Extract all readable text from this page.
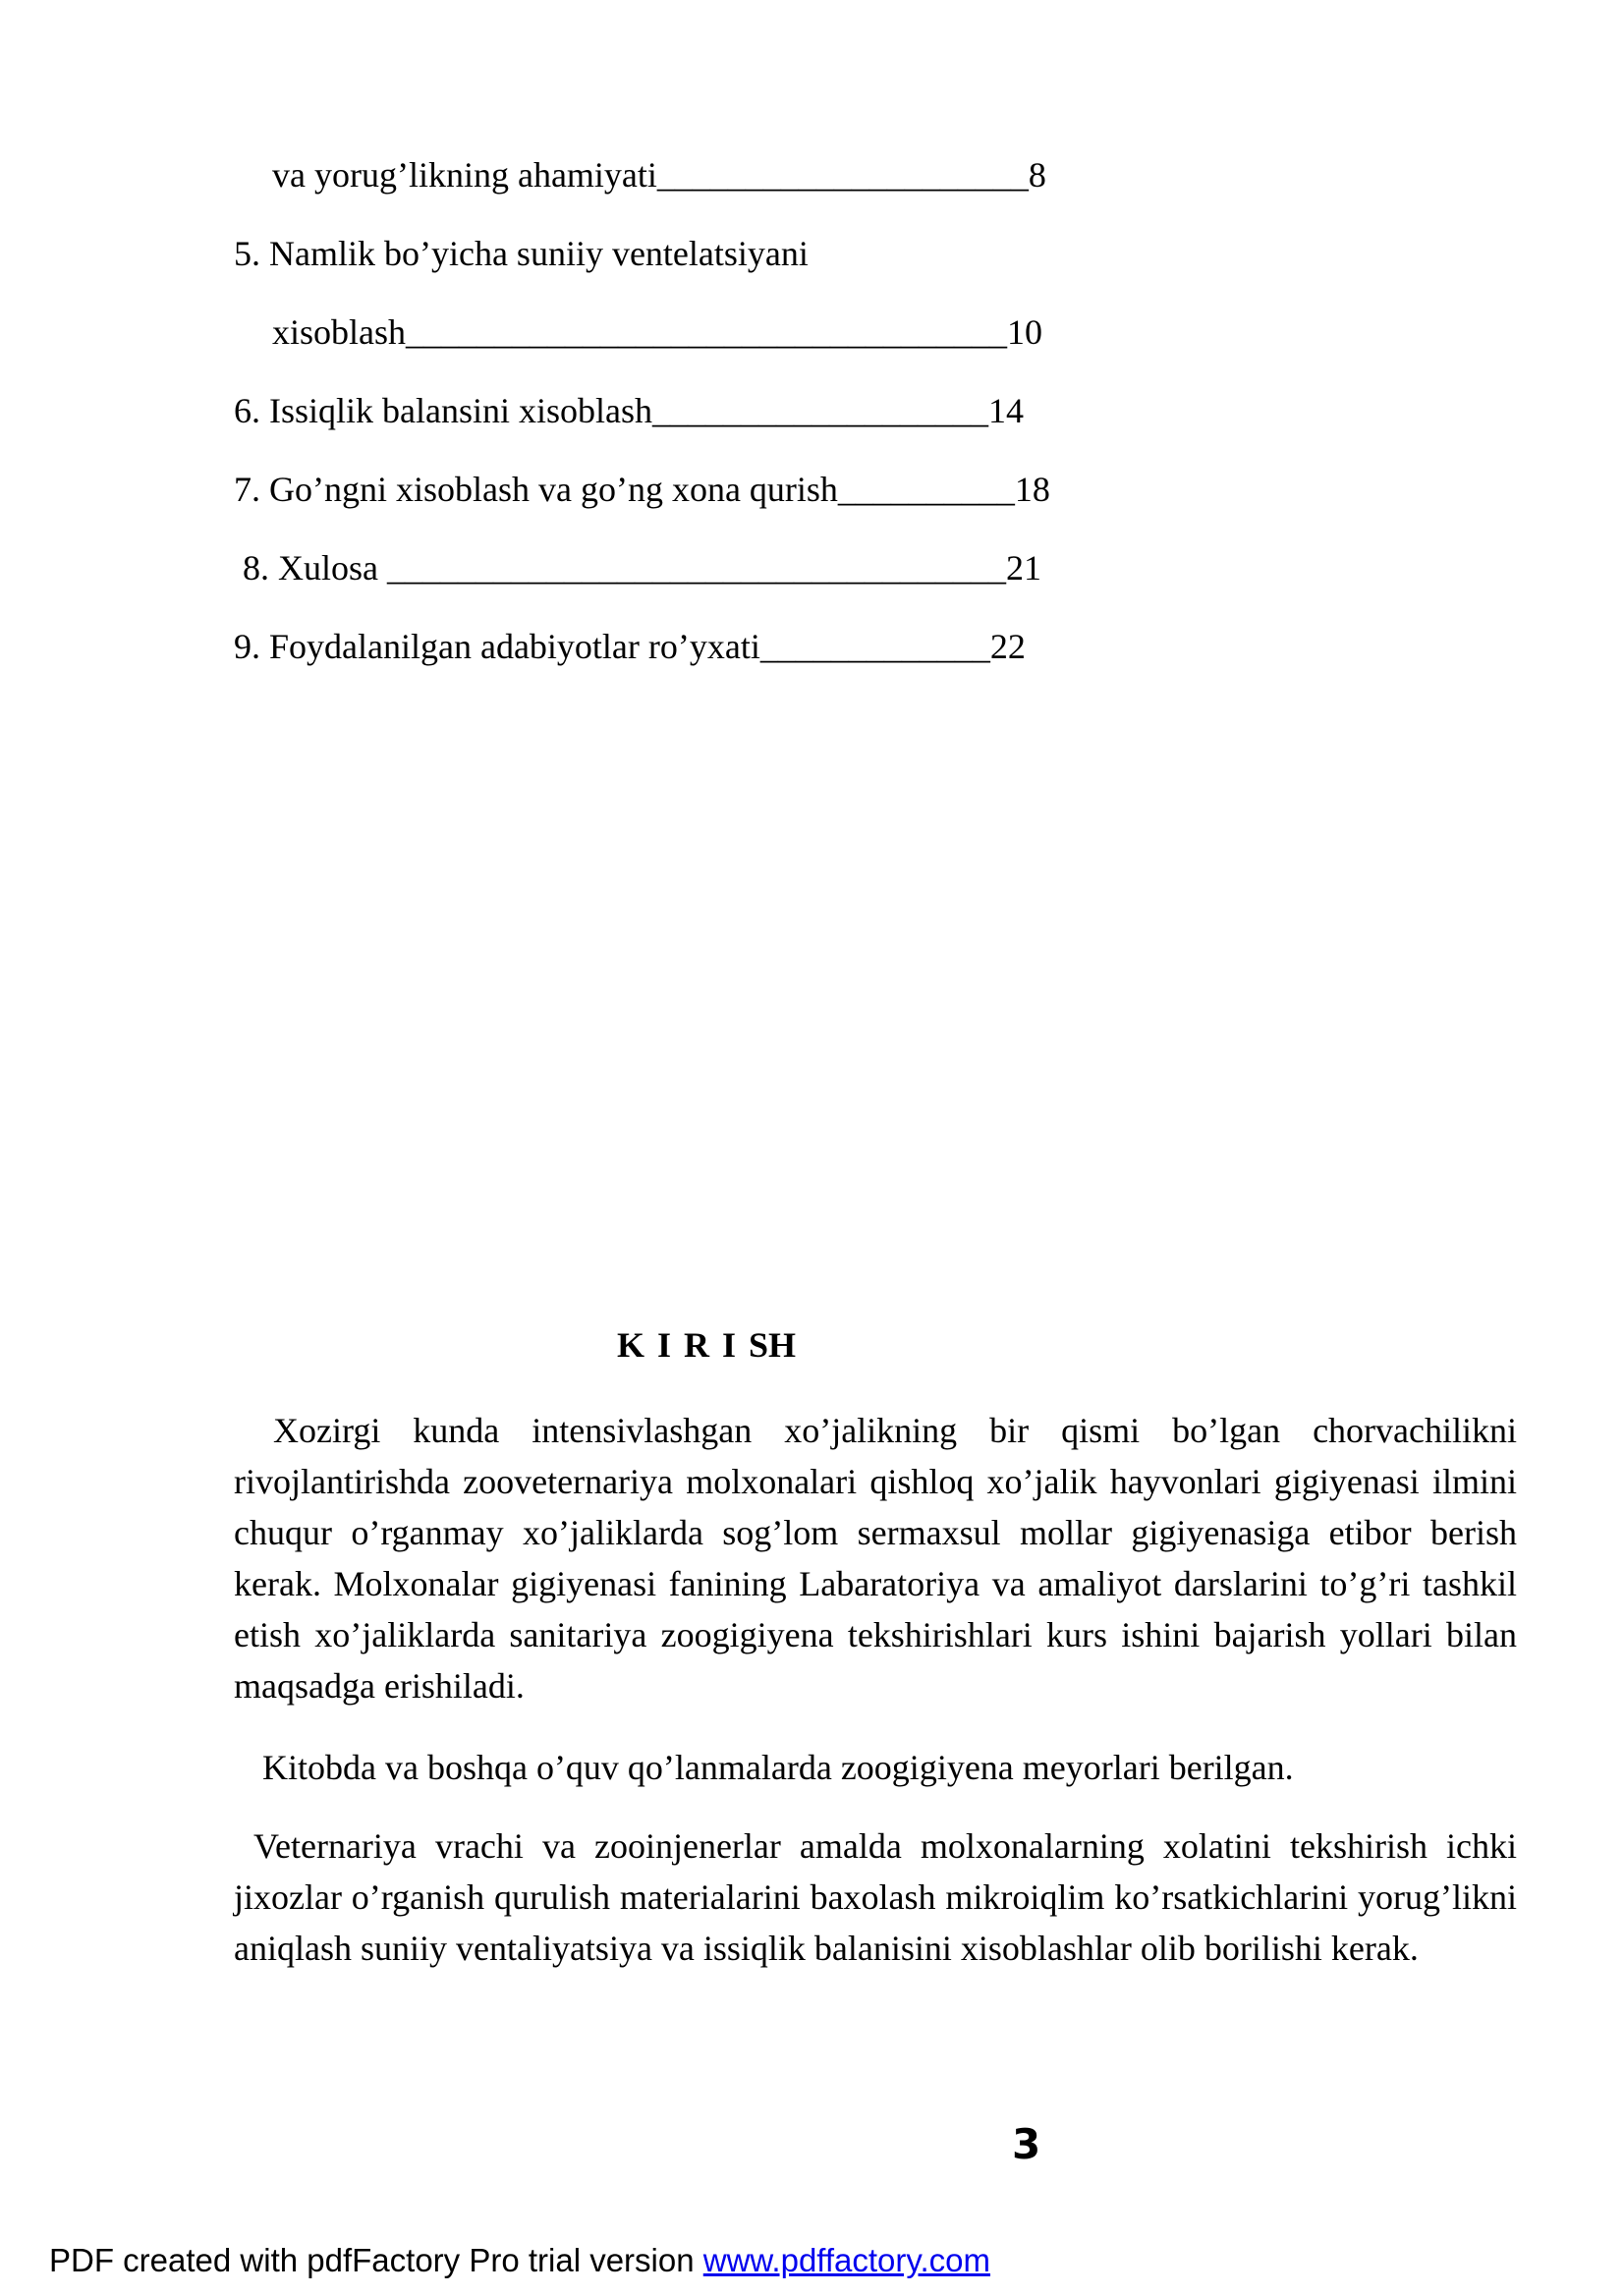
va yorug’likning ahamiyati_____________________8
5. Namlik bo’yicha suniiy ventelatsiyani
xisoblash__________________________________10
6. Issiqlik balansini xisoblash___________________14
7. Go’ngni xisoblash va go’ng xona qurish__________18
8. Xulosa ___________________________________21
9. Foydalanilgan adabiyotlar ro’yxati_____________22
K I R I SH

Xozirgi kunda intensivlashgan xo’jalikning bir qismi bo’lgan chorvachilikni rivojlantirishda zooveternariya molxonalari qishloq xo’jalik hayvonlari gigiyenasi ilmini chuqur o’rganmay xo’jaliklarda sog’lom sermaxsul mollar gigiyenasiga etibor berish kerak. Molxonalar gigiyenasi fanining Labaratoriya va amaliyot darslarini to’g’ri tashkil etish xo’jaliklarda sanitariya zoogigiyena tekshirishlari kurs ishini bajarish yollari bilan maqsadga erishiladi.

Kitobda va boshqa o’quv qo’lanmalarda zoogigiyena meyorlari berilgan.

Veternariya vrachi va zooinjenerlar amalda molxonalarning xolatini tekshirish ichki jixozlar o’rganish qurulish materialarini baxolash mikroiqlim ko’rsatkichlarini yorug’likni aniqlash suniiy ventaliyatsiya va issiqlik balanisini xisoblashlar olib borilishi kerak.

3
PDF created with pdfFactory Pro trial version www.pdffactory.com
